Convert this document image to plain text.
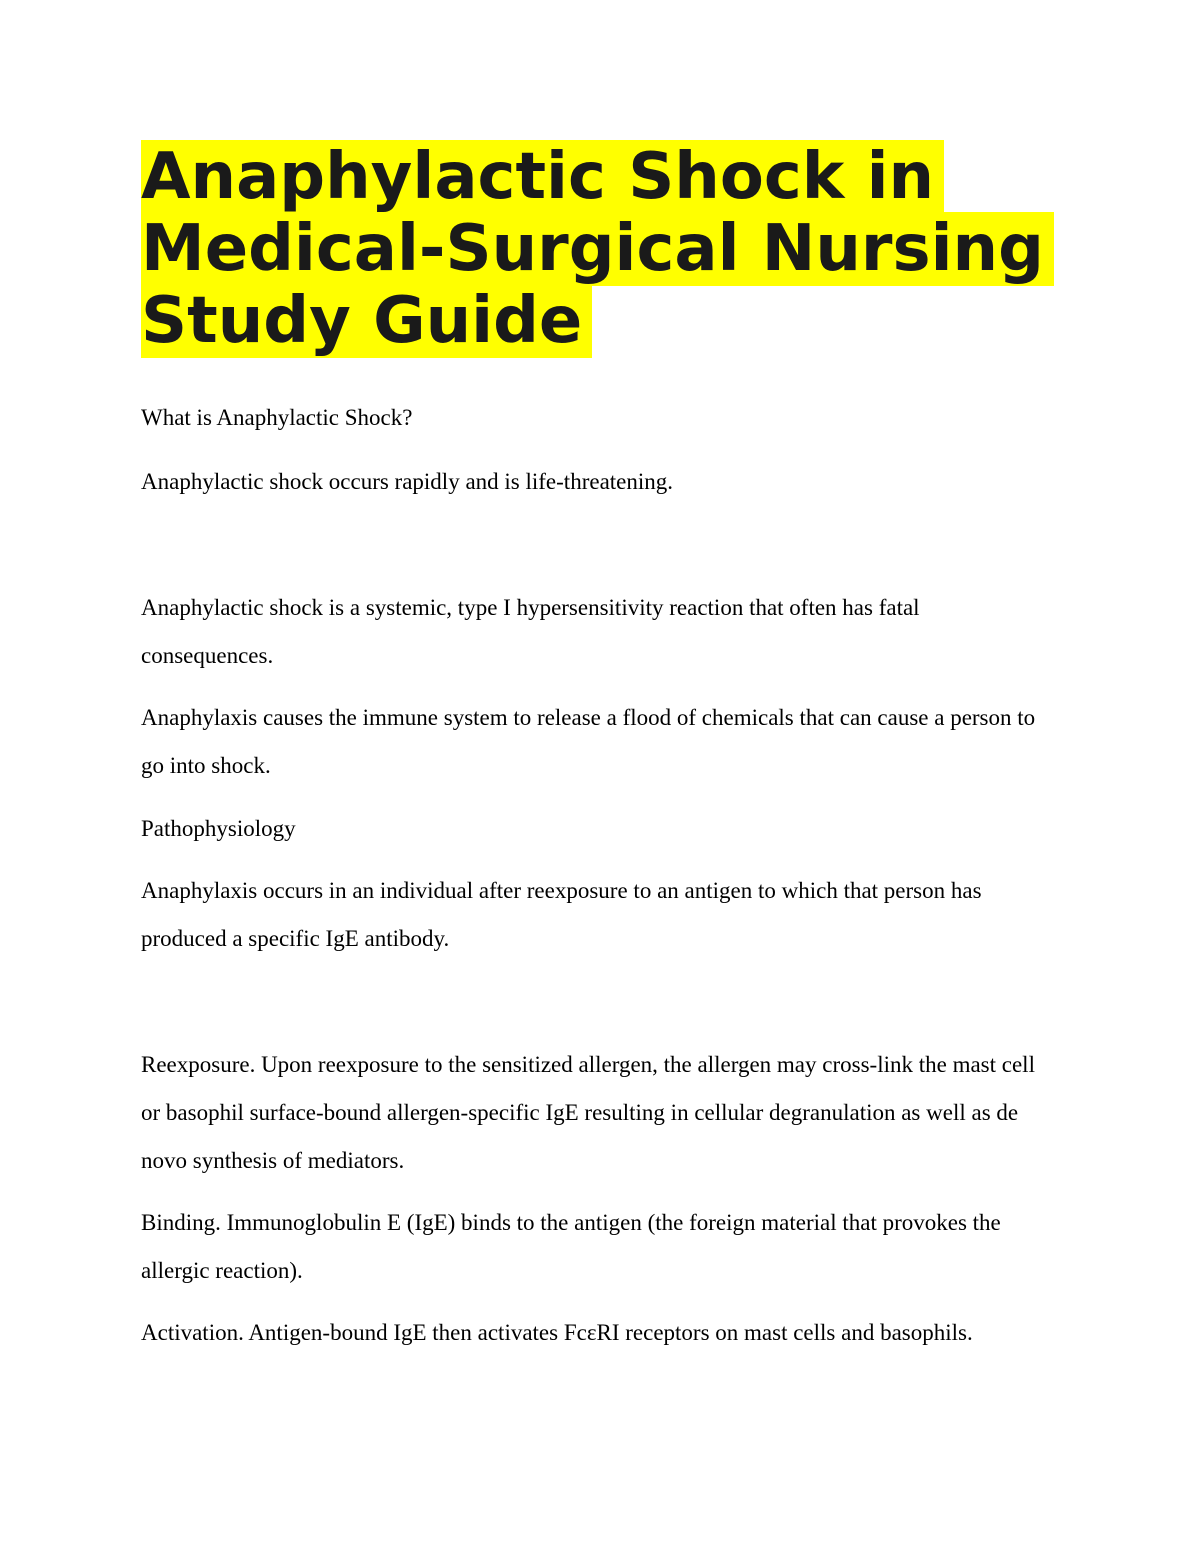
Anaphylactic Shock in Medical-Surgical Nursing Study Guide

What is Anaphylactic Shock?

Anaphylactic shock occurs rapidly and is life-threatening.

Anaphylactic shock is a systemic, type I hypersensitivity reaction that often has fatal consequences.

Anaphylaxis causes the immune system to release a flood of chemicals that can cause a person to go into shock.

Pathophysiology

Anaphylaxis occurs in an individual after reexposure to an antigen to which that person has produced a specific IgE antibody.

Reexposure. Upon reexposure to the sensitized allergen, the allergen may cross-link the mast cell or basophil surface-bound allergen-specific IgE resulting in cellular degranulation as well as de novo synthesis of mediators.

Binding. Immunoglobulin E (IgE) binds to the antigen (the foreign material that provokes the allergic reaction).

Activation. Antigen-bound IgE then activates FcεRI receptors on mast cells and basophils.
